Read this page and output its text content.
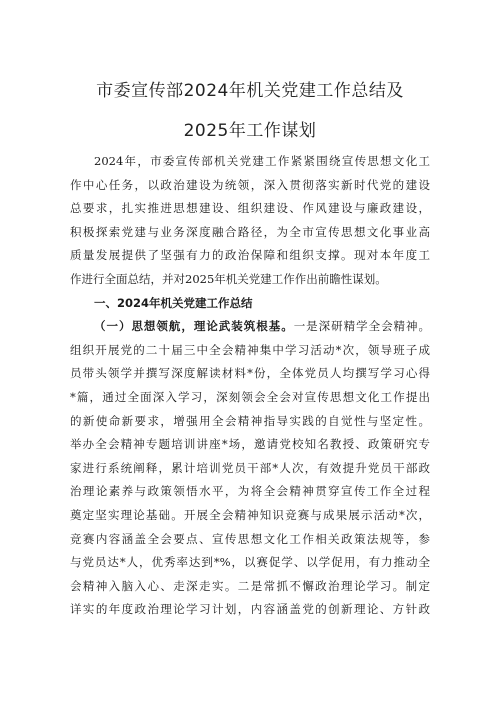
市委宣传部2024年机关党建工作总结及
2025年工作谋划
2024年，市委宣传部机关党建工作紧紧围绕宣传思想文化工
作中心任务，以政治建设为统领，深入贯彻落实新时代党的建设
总要求，扎实推进思想建设、组织建设、作风建设与廉政建设，
积极探索党建与业务深度融合路径，为全市宣传思想文化事业高
质量发展提供了坚强有力的政治保障和组织支撑。现对本年度工
作进行全面总结，并对2025年机关党建工作作出前瞻性谋划。
一、2024年机关党建工作总结
（一）思想领航，理论武装筑根基。一是深研精学全会精神。
组织开展党的二十届三中全会精神集中学习活动*次，领导班子成
员带头领学并撰写深度解读材料*份，全体党员人均撰写学习心得
*篇，通过全面深入学习，深刻领会全会对宣传思想文化工作提出
的新使命新要求，增强用全会精神指导实践的自觉性与坚定性。
举办全会精神专题培训讲座*场，邀请党校知名教授、政策研究专
家进行系统阐释，累计培训党员干部*人次，有效提升党员干部政
治理论素养与政策领悟水平，为将全会精神贯穿宣传工作全过程
奠定坚实理论基础。开展全会精神知识竞赛与成果展示活动*次，
竞赛内容涵盖全会要点、宣传思想文化工作相关政策法规等，参
与党员达*人，优秀率达到*%，以赛促学、以学促用，有力推动全
会精神入脑入心、走深走实。二是常抓不懈政治理论学习。制定
详实的年度政治理论学习计划，内容涵盖党的创新理论、方针政
